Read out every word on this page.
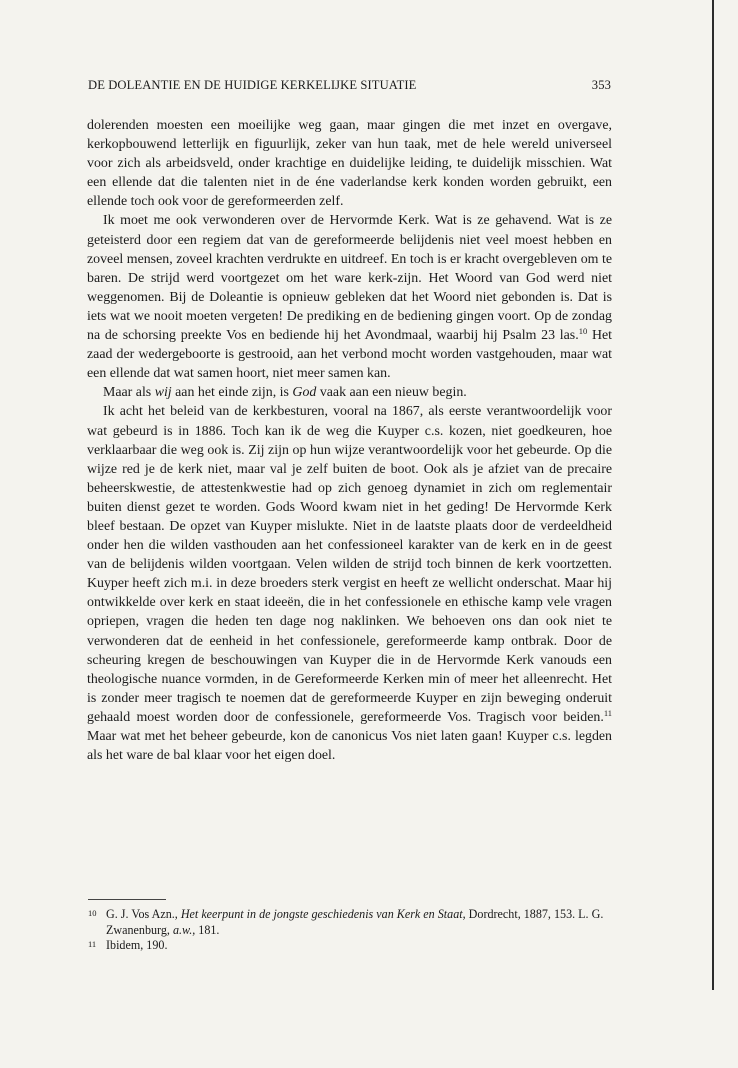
DE DOLEANTIE EN DE HUIDIGE KERKELIJKE SITUATIE	353

dolerenden moesten een moeilijke weg gaan, maar gingen die met inzet en overgave, kerkopbouwend letterlijk en figuurlijk, zeker van hun taak, met de hele wereld universeel voor zich als arbeidsveld, onder krachtige en duidelijke leiding, te duidelijk misschien. Wat een ellende dat die talenten niet in de éne vaderlandse kerk konden worden gebruikt, een ellende toch ook voor de gereformeerden zelf.

Ik moet me ook verwonderen over de Hervormde Kerk. Wat is ze gehavend. Wat is ze geteisterd door een regiem dat van de gereformeerde belijdenis niet veel moest hebben en zoveel mensen, zoveel krachten verdrukte en uitdreef. En toch is er kracht overgebleven om te baren. De strijd werd voortgezet om het ware kerk-zijn. Het Woord van God werd niet weggenomen. Bij de Doleantie is opnieuw gebleken dat het Woord niet gebonden is. Dat is iets wat we nooit moeten vergeten! De prediking en de bediening gingen voort. Op de zondag na de schorsing preekte Vos en bediende hij het Avondmaal, waarbij hij Psalm 23 las.$^{10}$ Het zaad der wedergeboorte is gestrooid, aan het verbond mocht worden vastgehouden, maar wat een ellende dat wat samen hoort, niet meer samen kan.

Maar als wij aan het einde zijn, is God vaak aan een nieuw begin.

Ik acht het beleid van de kerkbesturen, vooral na 1867, als eerste verantwoordelijk voor wat gebeurd is in 1886. Toch kan ik de weg die Kuyper c.s. kozen, niet goedkeuren, hoe verklaarbaar die weg ook is. Zij zijn op hun wijze verantwoordelijk voor het gebeurde. Op die wijze red je de kerk niet, maar val je zelf buiten de boot. Ook als je afziet van de precaire beheerskwestie, de attestenkwestie had op zich genoeg dynamiet in zich om reglementair buiten dienst gezet te worden. Gods Woord kwam niet in het geding! De Hervormde Kerk bleef bestaan. De opzet van Kuyper mislukte. Niet in de laatste plaats door de verdeeldheid onder hen die wilden vasthouden aan het confessioneel karakter van de kerk en in de geest van de belijdenis wilden voortgaan. Velen wilden de strijd toch binnen de kerk voortzetten. Kuyper heeft zich m.i. in deze broeders sterk vergist en heeft ze wellicht onderschat. Maar hij ontwikkelde over kerk en staat ideeën, die in het confessionele en ethische kamp vele vragen opriepen, vragen die heden ten dage nog naklinken. We behoeven ons dan ook niet te verwonderen dat de eenheid in het confessionele, gereformeerde kamp ontbrak. Door de scheuring kregen de beschouwingen van Kuyper die in de Hervormde Kerk vanouds een theologische nuance vormden, in de Gereformeerde Kerken min of meer het alleenrecht. Het is zonder meer tragisch te noemen dat de gereformeerde Kuyper en zijn beweging onderuit gehaald moest worden door de confessionele, gereformeerde Vos. Tragisch voor beiden.$^{11}$ Maar wat met het beheer gebeurde, kon de canonicus Vos niet laten gaan! Kuyper c.s. legden als het ware de bal klaar voor het eigen doel.

10 G. J. Vos Azn., Het keerpunt in de jongste geschiedenis van Kerk en Staat, Dordrecht, 1887, 153. L. G. Zwanenburg, a.w., 181.
11 Ibidem, 190.
